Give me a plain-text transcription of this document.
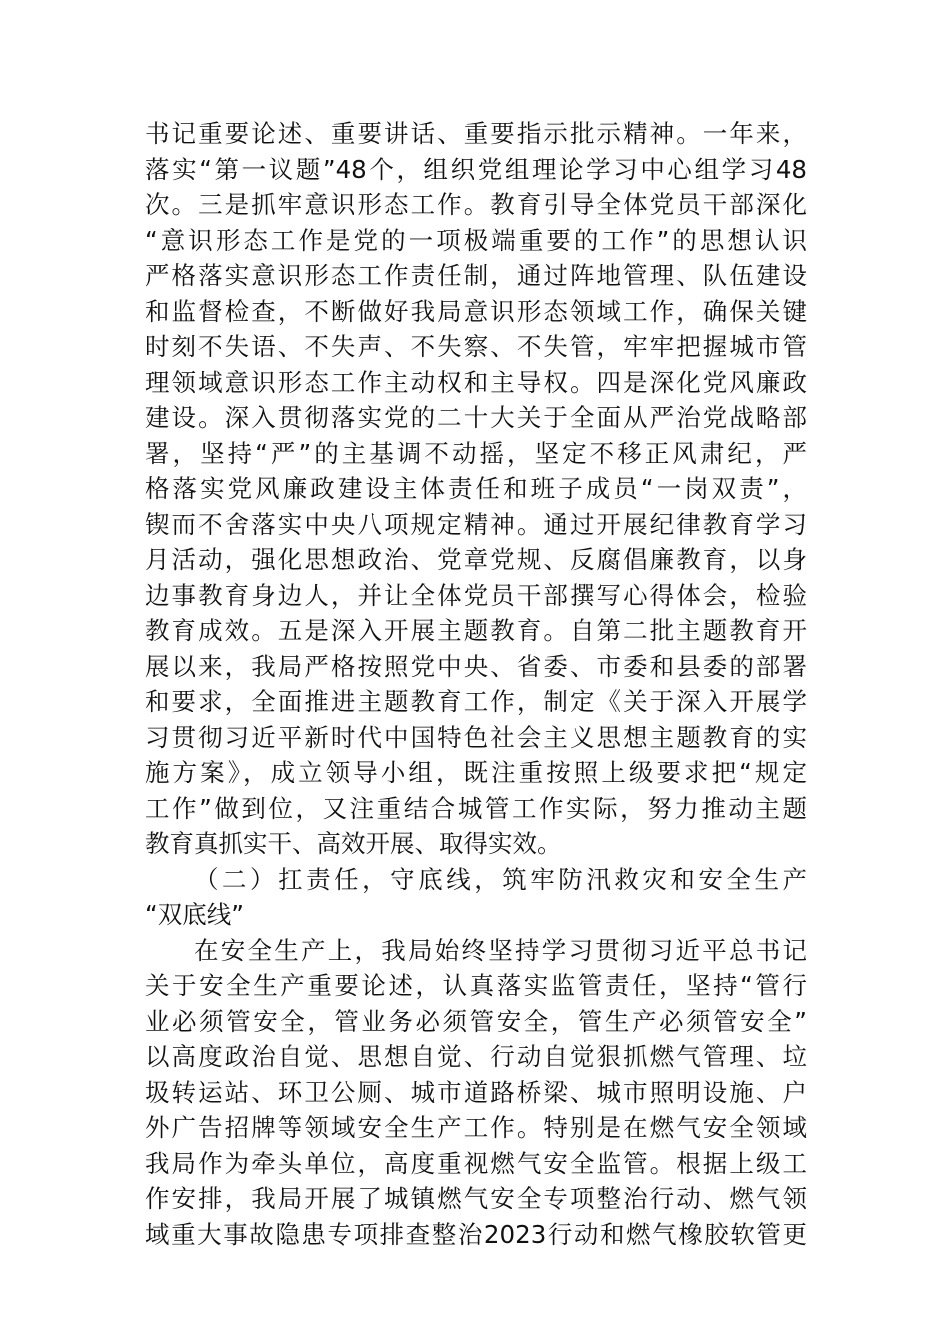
书记重要论述、重要讲话、重要指示批示精神。一年来，
落实“第一议题”48个，组织党组理论学习中心组学习48
次。三是抓牢意识形态工作。教育引导全体党员干部深化
“意识形态工作是党的一项极端重要的工作”的思想认识
严格落实意识形态工作责任制，通过阵地管理、队伍建设
和监督检查，不断做好我局意识形态领域工作，确保关键
时刻不失语、不失声、不失察、不失管，牢牢把握城市管
理领域意识形态工作主动权和主导权。四是深化党风廉政
建设。深入贯彻落实党的二十大关于全面从严治党战略部
署，坚持“严”的主基调不动摇，坚定不移正风肃纪，严
格落实党风廉政建设主体责任和班子成员“一岗双责”，
锲而不舍落实中央八项规定精神。通过开展纪律教育学习
月活动，强化思想政治、党章党规、反腐倡廉教育，以身
边事教育身边人，并让全体党员干部撰写心得体会，检验
教育成效。五是深入开展主题教育。自第二批主题教育开
展以来，我局严格按照党中央、省委、市委和县委的部署
和要求，全面推进主题教育工作，制定《关于深入开展学
习贯彻习近平新时代中国特色社会主义思想主题教育的实
施方案》，成立领导小组，既注重按照上级要求把“规定
工作”做到位，又注重结合城管工作实际，努力推动主题
教育真抓实干、高效开展、取得实效。
（二）扛责任，守底线，筑牢防汛救灾和安全生产
“双底线”
在安全生产上，我局始终坚持学习贯彻习近平总书记
关于安全生产重要论述，认真落实监管责任，坚持“管行
业必须管安全，管业务必须管安全，管生产必须管安全”
以高度政治自觉、思想自觉、行动自觉狠抓燃气管理、垃
圾转运站、环卫公厕、城市道路桥梁、城市照明设施、户
外广告招牌等领域安全生产工作。特别是在燃气安全领域
我局作为牵头单位，高度重视燃气安全监管。根据上级工
作安排，我局开展了城镇燃气安全专项整治行动、燃气领
域重大事故隐患专项排查整治2023行动和燃气橡胶软管更
